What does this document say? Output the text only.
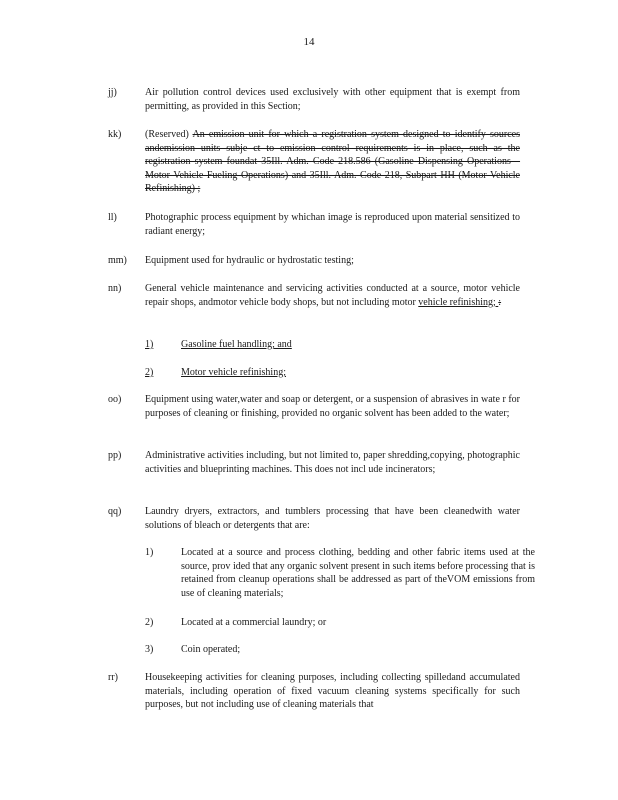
14
jj)	Air pollution control devices used exclusively with other equipment that is exempt from permitting, as provided in this Section;
kk) (Reserved) An emission unit for which a registration system designed to identify sources andemission units subje ct to emission control requirements is in place, such as the registration system foundat 35Ill. Adm. Code 218.586 (Gasoline Dispensing Operations –Motor Vehicle Fueling Operations) and 35Ill. Adm. Code 218, Subpart HH (Motor Vehicle Refinishing) ;
ll)	Photographic process equipment by whichan image is reproduced upon material sensitized to radiant energy;
mm) Equipment used for hydraulic or hydrostatic testing;
nn) General vehicle maintenance and servicing activities conducted at a source, motor vehicle repair shops, andmotor vehicle body shops, but not including motor vehicle refinishing; :
1)	Gasoline fuel handling; and
2)	Motor vehicle refinishing;
oo) Equipment using water,water and soap or detergent, or a suspension of abrasives in wate r for purposes of cleaning or finishing, provided no organic solvent has been added to the water;
pp) Administrative activities including, but not limited to, paper shredding,copying, photographic activities and blueprinting machines. This does not incl ude incinerators;
qq) Laundry dryers, extractors, and tumblers processing that have been cleanedwith water solutions of bleach or detergents that are:
1)	Located at a source and process clothing, bedding and other fabric items used at the source, prov ided that any organic solvent present in such items before processing that is retained from cleanup operations shall be addressed as part of theVOM emissions from use of cleaning materials;
2)	Located at a commercial laundry; or
3)	Coin operated;
rr)	Housekeeping activities for cleaning purposes, including collecting spilledand accumulated materials, including operation of fixed vacuum cleaning systems specifically for such purposes, but not including use of cleaning materials that
